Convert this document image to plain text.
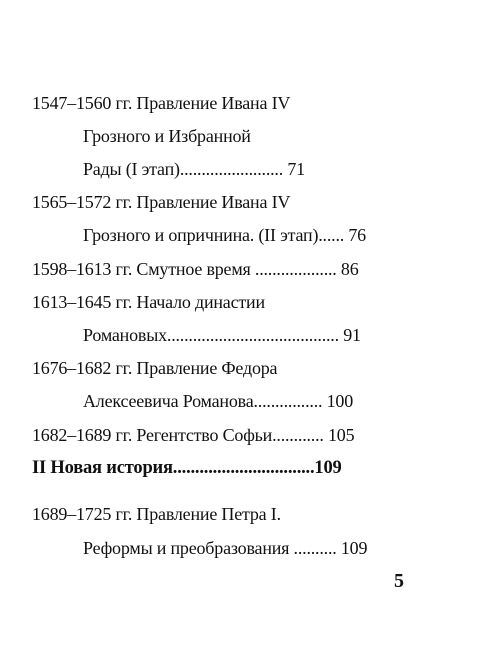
1547–1560 гг. Правление Ивана IV
Грозного и Избранной
Рады (I этап)........................ 71
1565–1572 гг. Правление Ивана IV
Грозного и опричнина. (II этап)...... 76
1598–1613 гг. Смутное время ................... 86
1613–1645 гг. Начало династии
Романовых........................................ 91
1676–1682 гг. Правление Федора
Алексеевича Романова................ 100
1682–1689 гг. Регентство Софьи............ 105
II Новая история................................109
1689–1725 гг. Правление Петра I.
Реформы и преобразования .......... 109
5
